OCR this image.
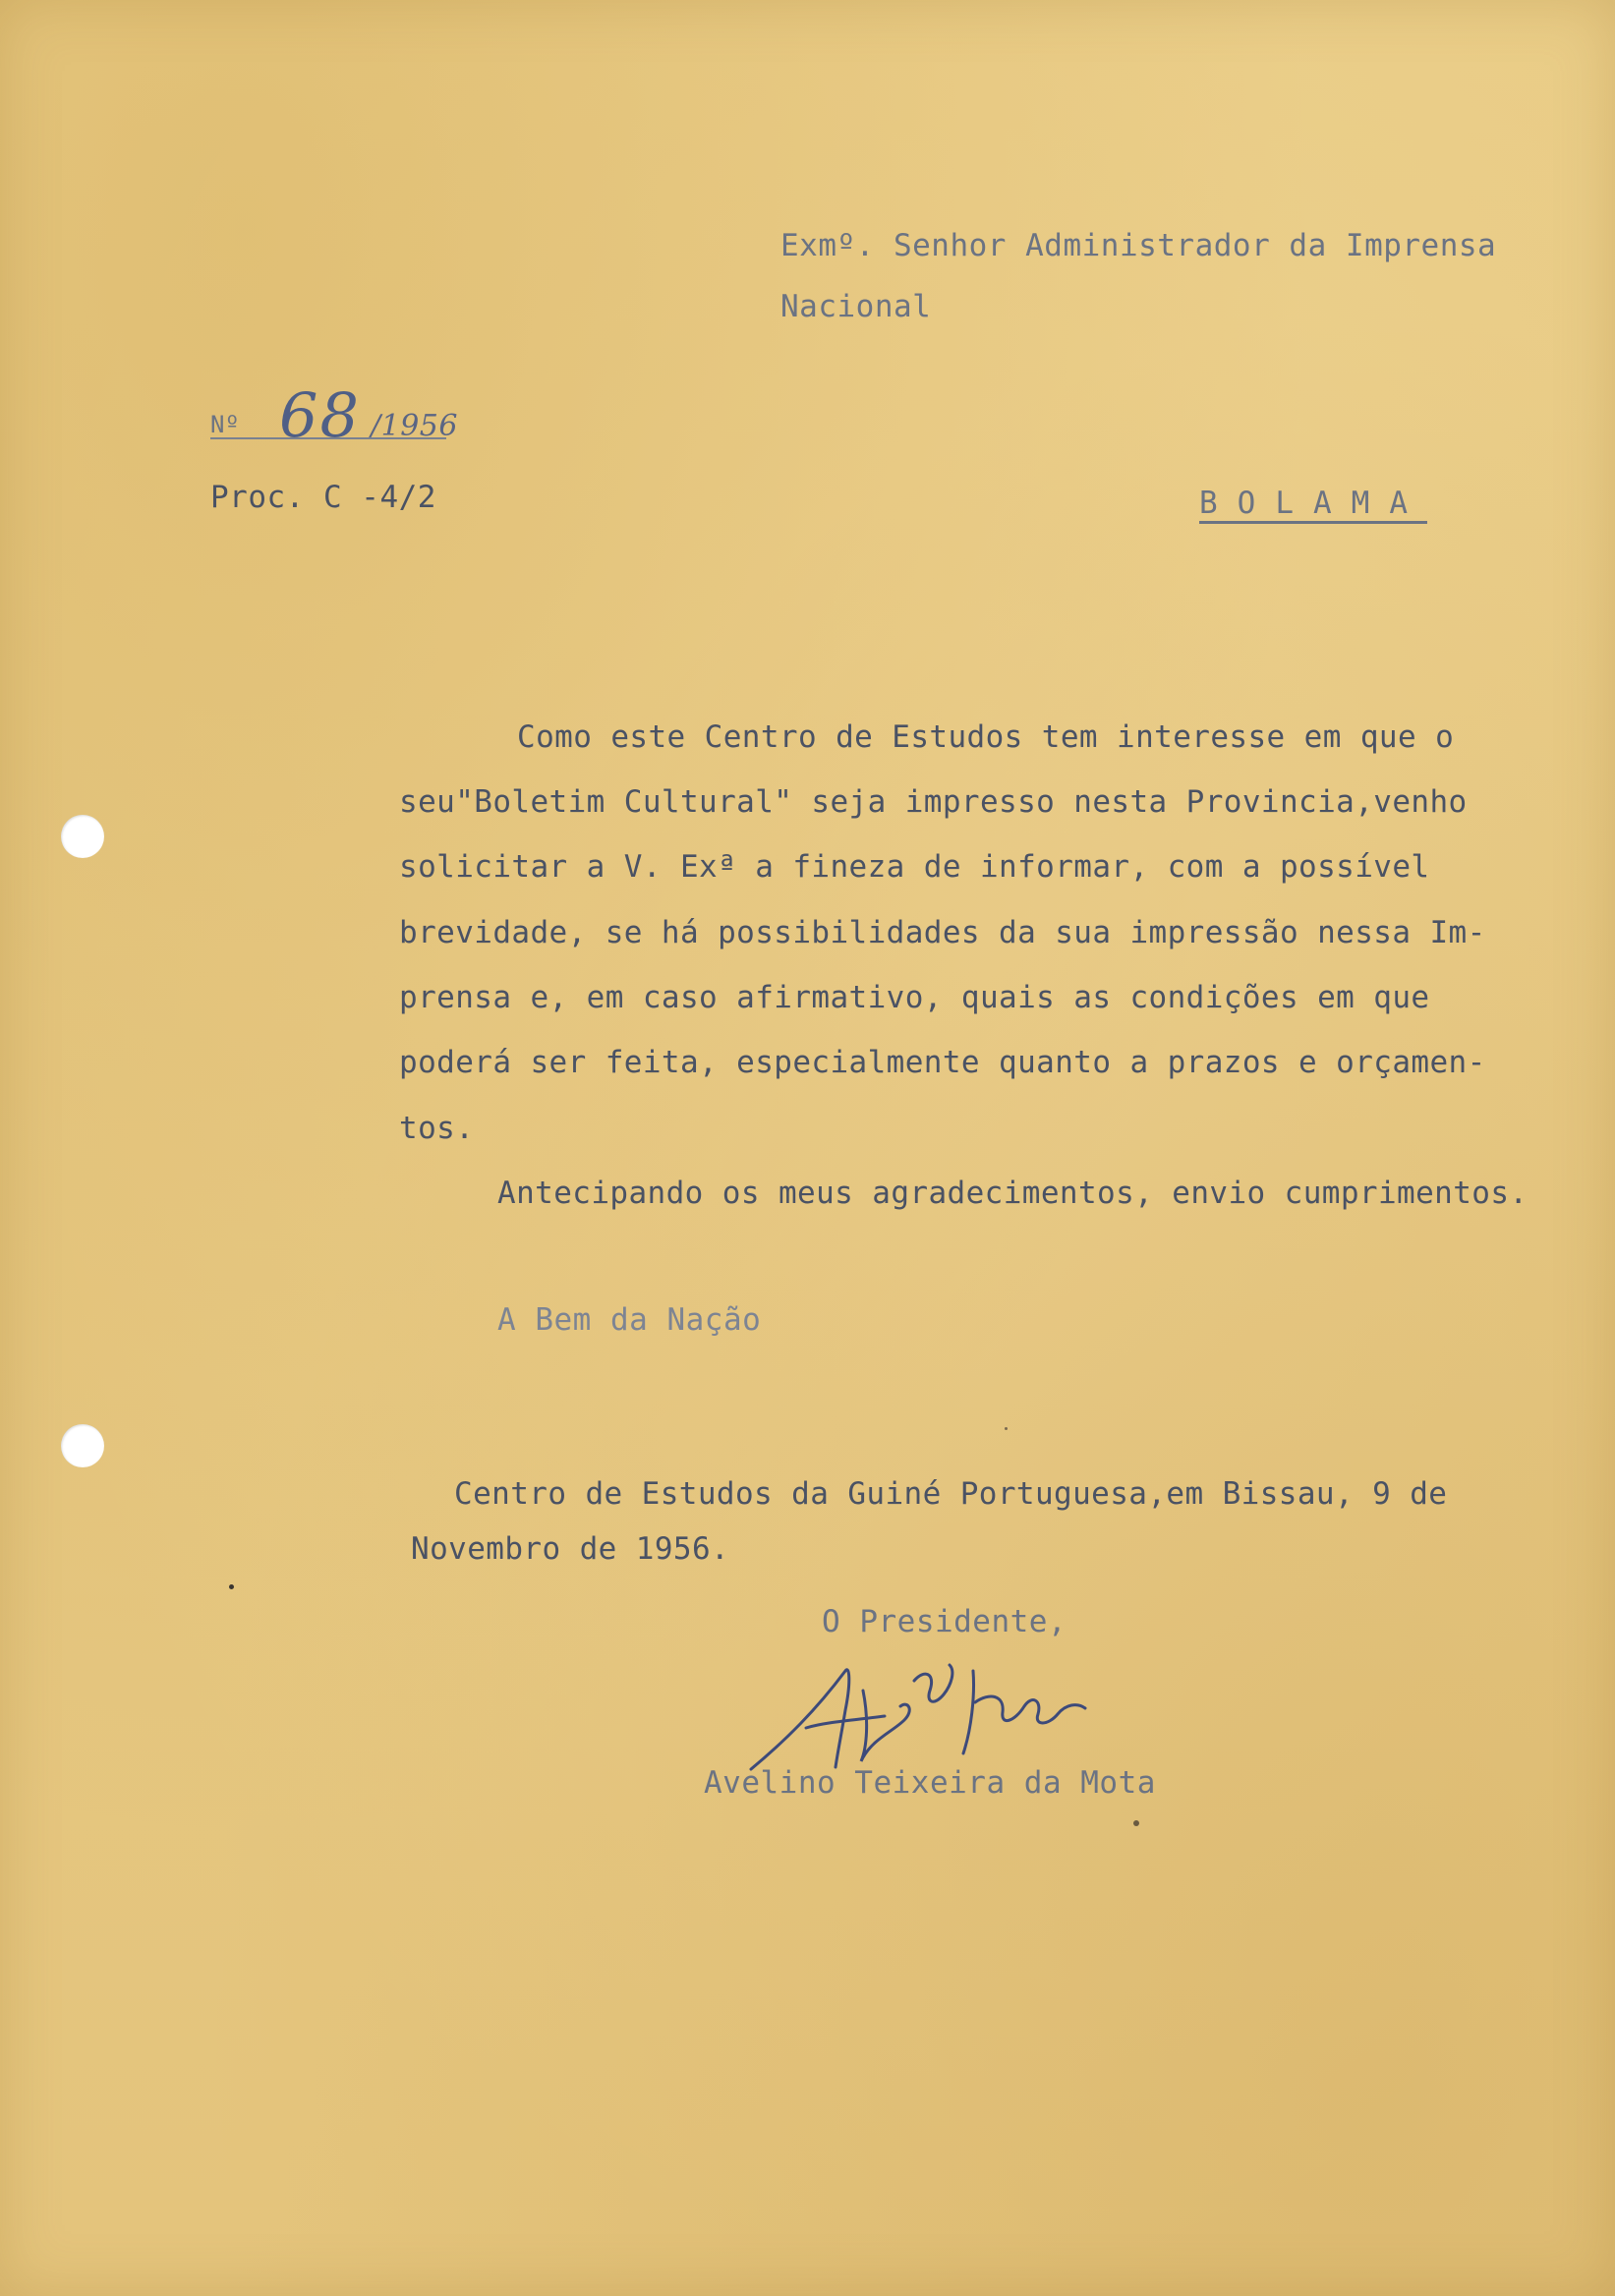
Exmº. Senhor Administrador da Imprensa
Nacional
Nº 68 /1956
Proc. C -4/2	BOLAMA
Como este Centro de Estudos tem interesse em que o
seu"Boletim Cultural" seja impresso nesta Provincia,venho
solicitar a V. Exª a fineza de informar, com a possível
brevidade, se há possibilidades da sua impressão nessa Im-
prensa e, em caso afirmativo, quais as condições em que
poderá ser feita, especialmente quanto a prazos e orçamen-
tos.
Antecipando os meus agradecimentos, envio cumprimentos.
A Bem da Nação
Centro de Estudos da Guiné Portuguesa,em Bissau, 9 de
Novembro de 1956.
O Presidente,
Avelino Teixeira da Mota
